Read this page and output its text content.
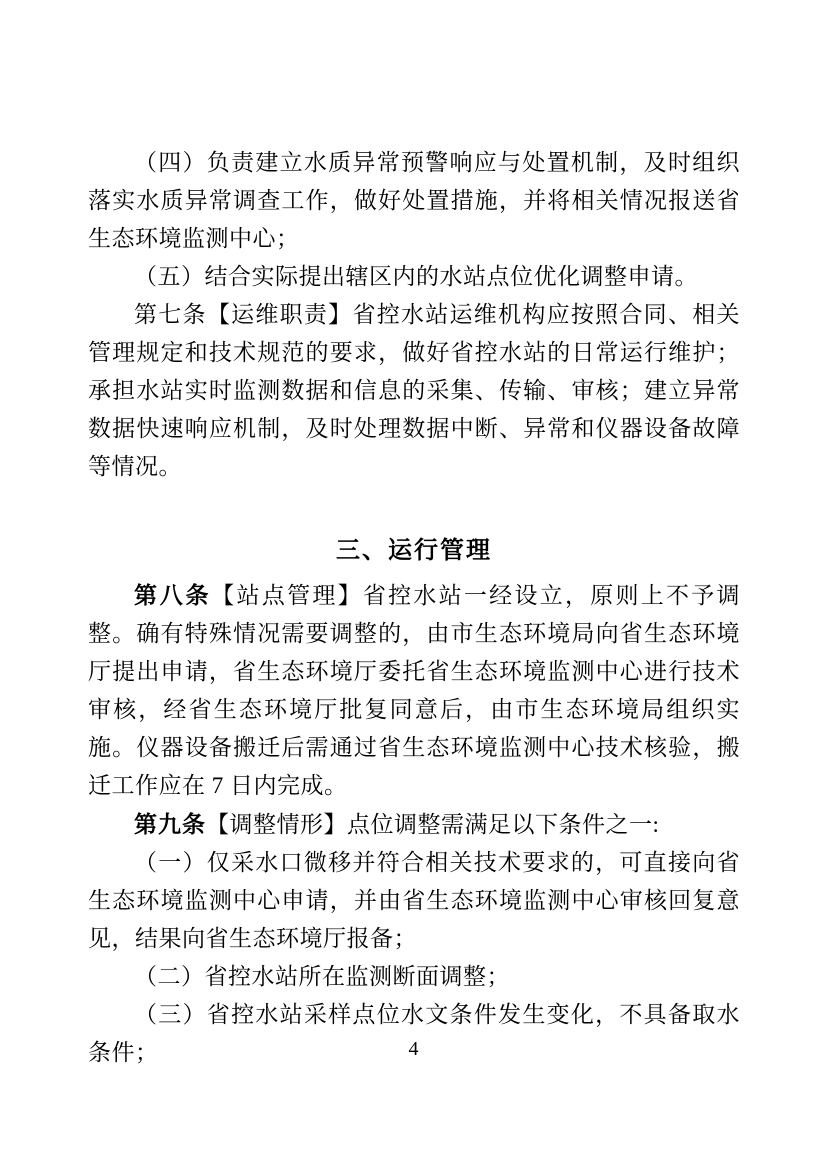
（四）负责建立水质异常预警响应与处置机制，及时组织落实水质异常调查工作，做好处置措施，并将相关情况报送省生态环境监测中心；

（五）结合实际提出辖区内的水站点位优化调整申请。

第七条【运维职责】省控水站运维机构应按照合同、相关管理规定和技术规范的要求，做好省控水站的日常运行维护；承担水站实时监测数据和信息的采集、传输、审核；建立异常数据快速响应机制，及时处理数据中断、异常和仪器设备故障等情况。

三、运行管理

第八条【站点管理】省控水站一经设立，原则上不予调整。确有特殊情况需要调整的，由市生态环境局向省生态环境厅提出申请，省生态环境厅委托省生态环境监测中心进行技术审核，经省生态环境厅批复同意后，由市生态环境局组织实施。仪器设备搬迁后需通过省生态环境监测中心技术核验，搬迁工作应在 7 日内完成。

第九条【调整情形】点位调整需满足以下条件之一:

（一）仅采水口微移并符合相关技术要求的，可直接向省生态环境监测中心申请，并由省生态环境监测中心审核回复意见，结果向省生态环境厅报备；

（二）省控水站所在监测断面调整；

（三）省控水站采样点位水文条件发生变化，不具备取水条件；	4
